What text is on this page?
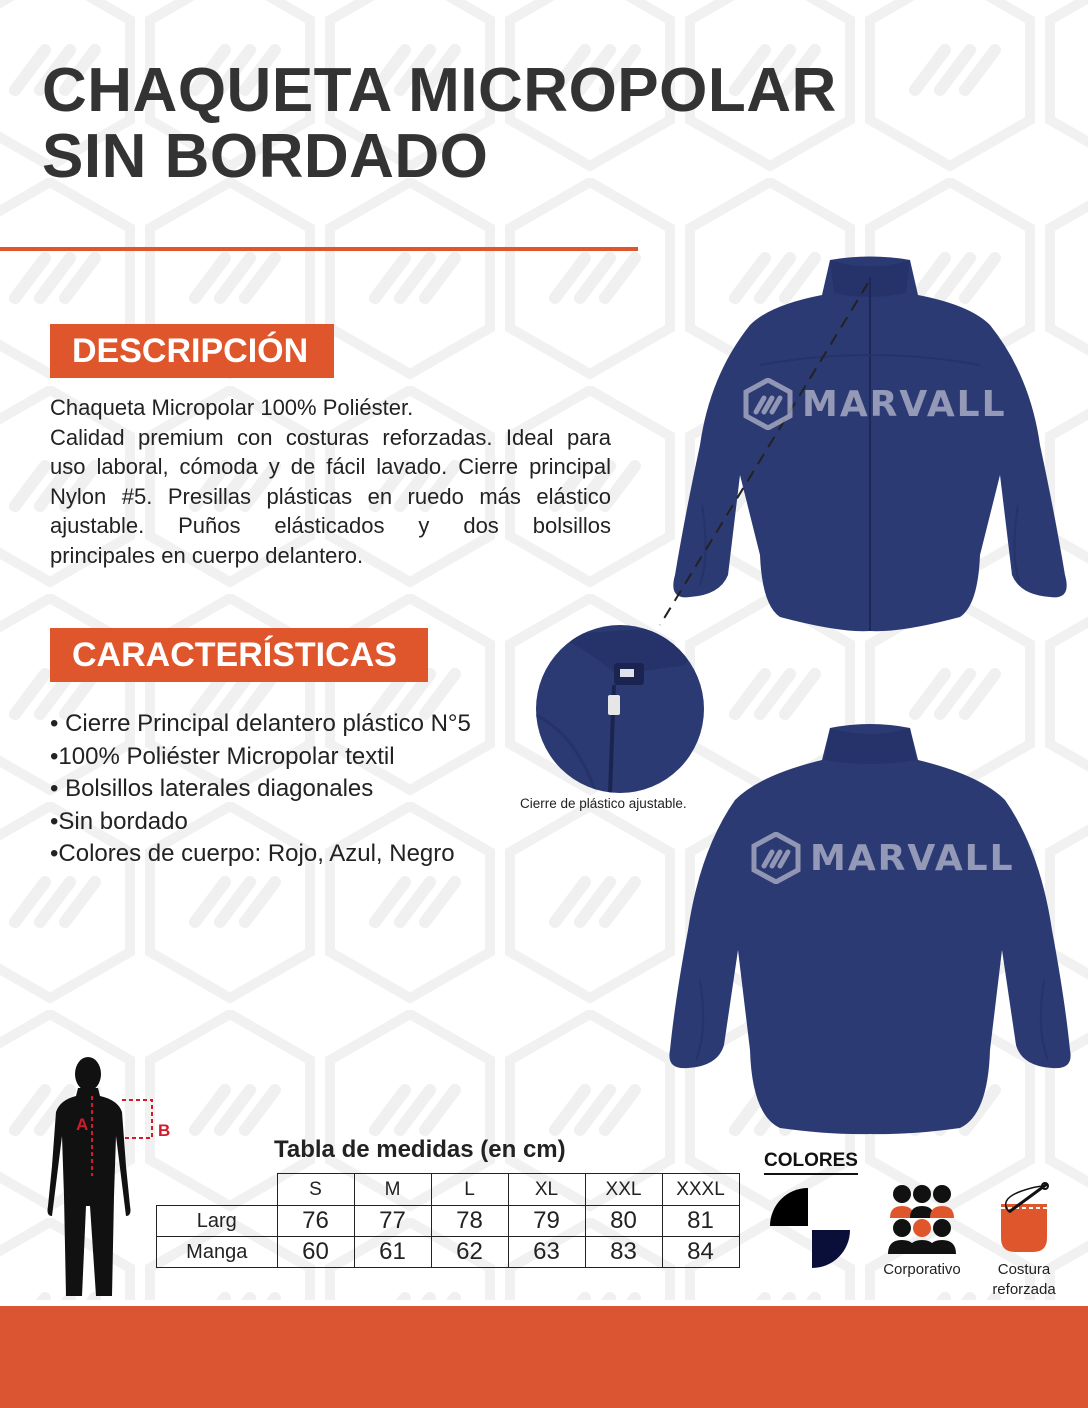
CHAQUETA MICROPOLAR
SIN BORDADO
DESCRIPCIÓN

Chaqueta Micropolar 100% Poliéster.

Calidad premium con costuras reforzadas. Ideal para

uso laboral, cómoda y de fácil lavado. Cierre principal

Nylon #5. Presillas plásticas en ruedo más elástico

ajustable. Puños elásticados y dos bolsillos

principales en cuerpo delantero.

CARACTERÍSTICAS
• Cierre Principal delantero plástico N°5
•100% Poliéster Micropolar textil
• Bolsillos laterales diagonales
•Sin bordado
•Colores de cuerpo: Rojo, Azul, Negro
MARVALL
Cierre de plástico ajustable.
MARVALL
A	B
Tabla de medidas (en cm)
	S	M	L	XL	XXL	XXXL
Larg	76	77	78	79	80	81
Manga	60	61	62	63	83	84
COLORES
Corporativo	Costura
reforzada
